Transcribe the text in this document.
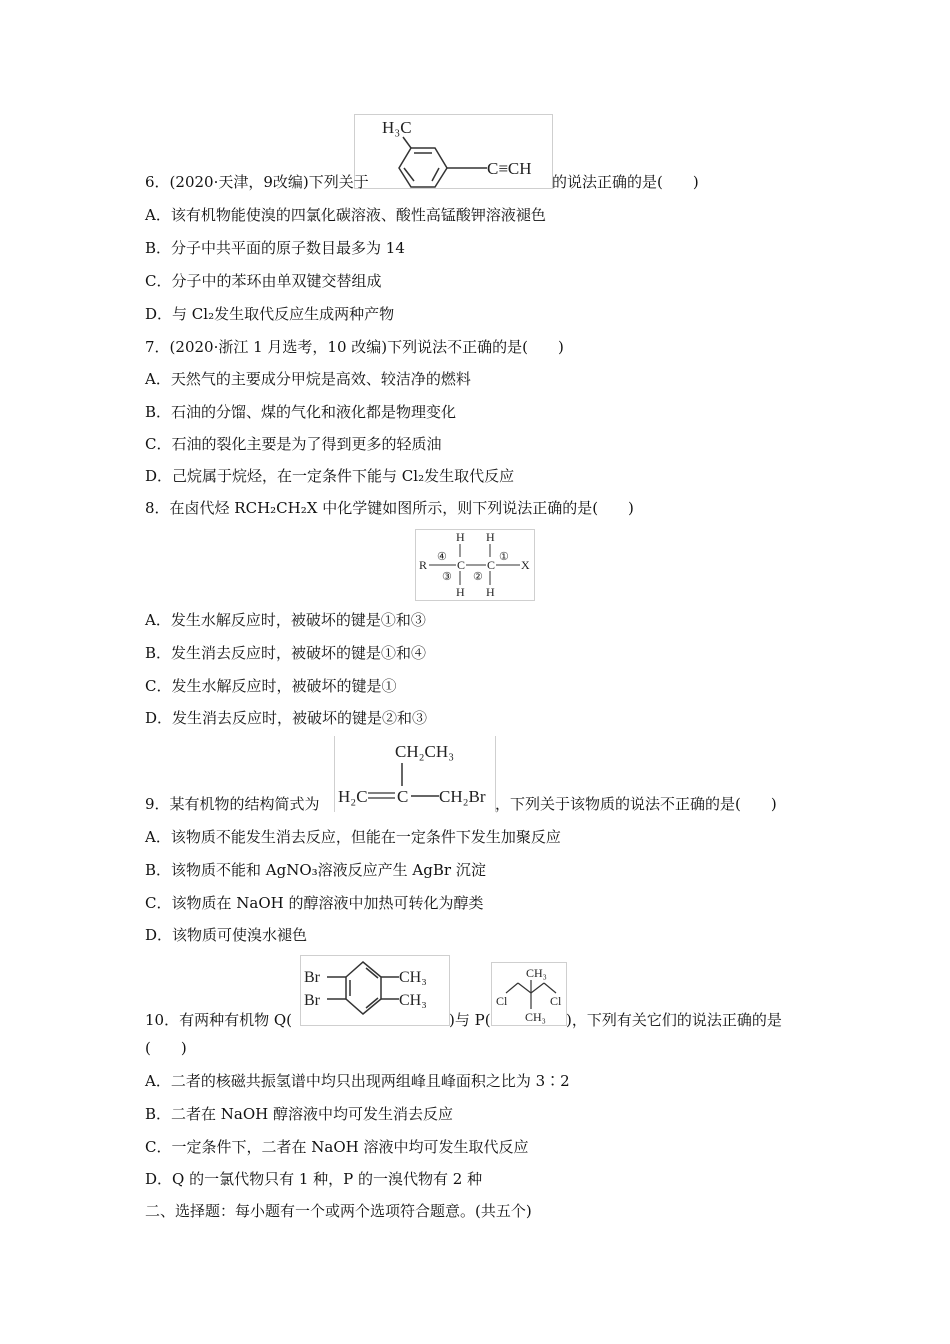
H₃C
C≡CH
6．(2020·天津，9改编)下列关于	的说法正确的是(　　)
A．该有机物能使溴的四氯化碳溶液、酸性高锰酸钾溶液褪色
B．分子中共平面的原子数目最多为 14
C．分子中的苯环由单双键交替组成
D．与 Cl₂发生取代反应生成两种产物
7．(2020·浙江 1 月选考，10 改编)下列说法不正确的是(　　)
A．天然气的主要成分甲烷是高效、较洁净的燃料
B．石油的分馏、煤的气化和液化都是物理变化
C．石油的裂化主要是为了得到更多的轻质油
D．己烷属于烷烃，在一定条件下能与 Cl₂发生取代反应
8．在卤代烃 RCH₂CH₂X 中化学键如图所示，则下列说法正确的是(　　)
H H
R C C X
H H
④	①
③ ②
A．发生水解反应时，被破坏的键是①和③
B．发生消去反应时，被破坏的键是①和④
C．发生水解反应时，被破坏的键是①
D．发生消去反应时，被破坏的键是②和③
CH₂CH₃
H₂C C CH₂Br
9．某有机物的结构简式为	，下列关于该物质的说法不正确的是(　　)
A．该物质不能发生消去反应，但能在一定条件下发生加聚反应
B．该物质不能和 AgNO₃溶液反应产生 AgBr 沉淀
C．该物质在 NaOH 的醇溶液中加热可转化为醇类
D．该物质可使溴水褪色
Br
Br
CH₃
CH₃
CH₃
CH₃
Cl	Cl
10．有两种有机物 Q(	)与 P(	)，下列有关它们的说法正确的是
(　　)
A．二者的核磁共振氢谱中均只出现两组峰且峰面积之比为 3∶2
B．二者在 NaOH 醇溶液中均可发生消去反应
C．一定条件下，二者在 NaOH 溶液中均可发生取代反应
D．Q 的一氯代物只有 1 种，P 的一溴代物有 2 种
二、选择题：每小题有一个或两个选项符合题意。(共五个)
